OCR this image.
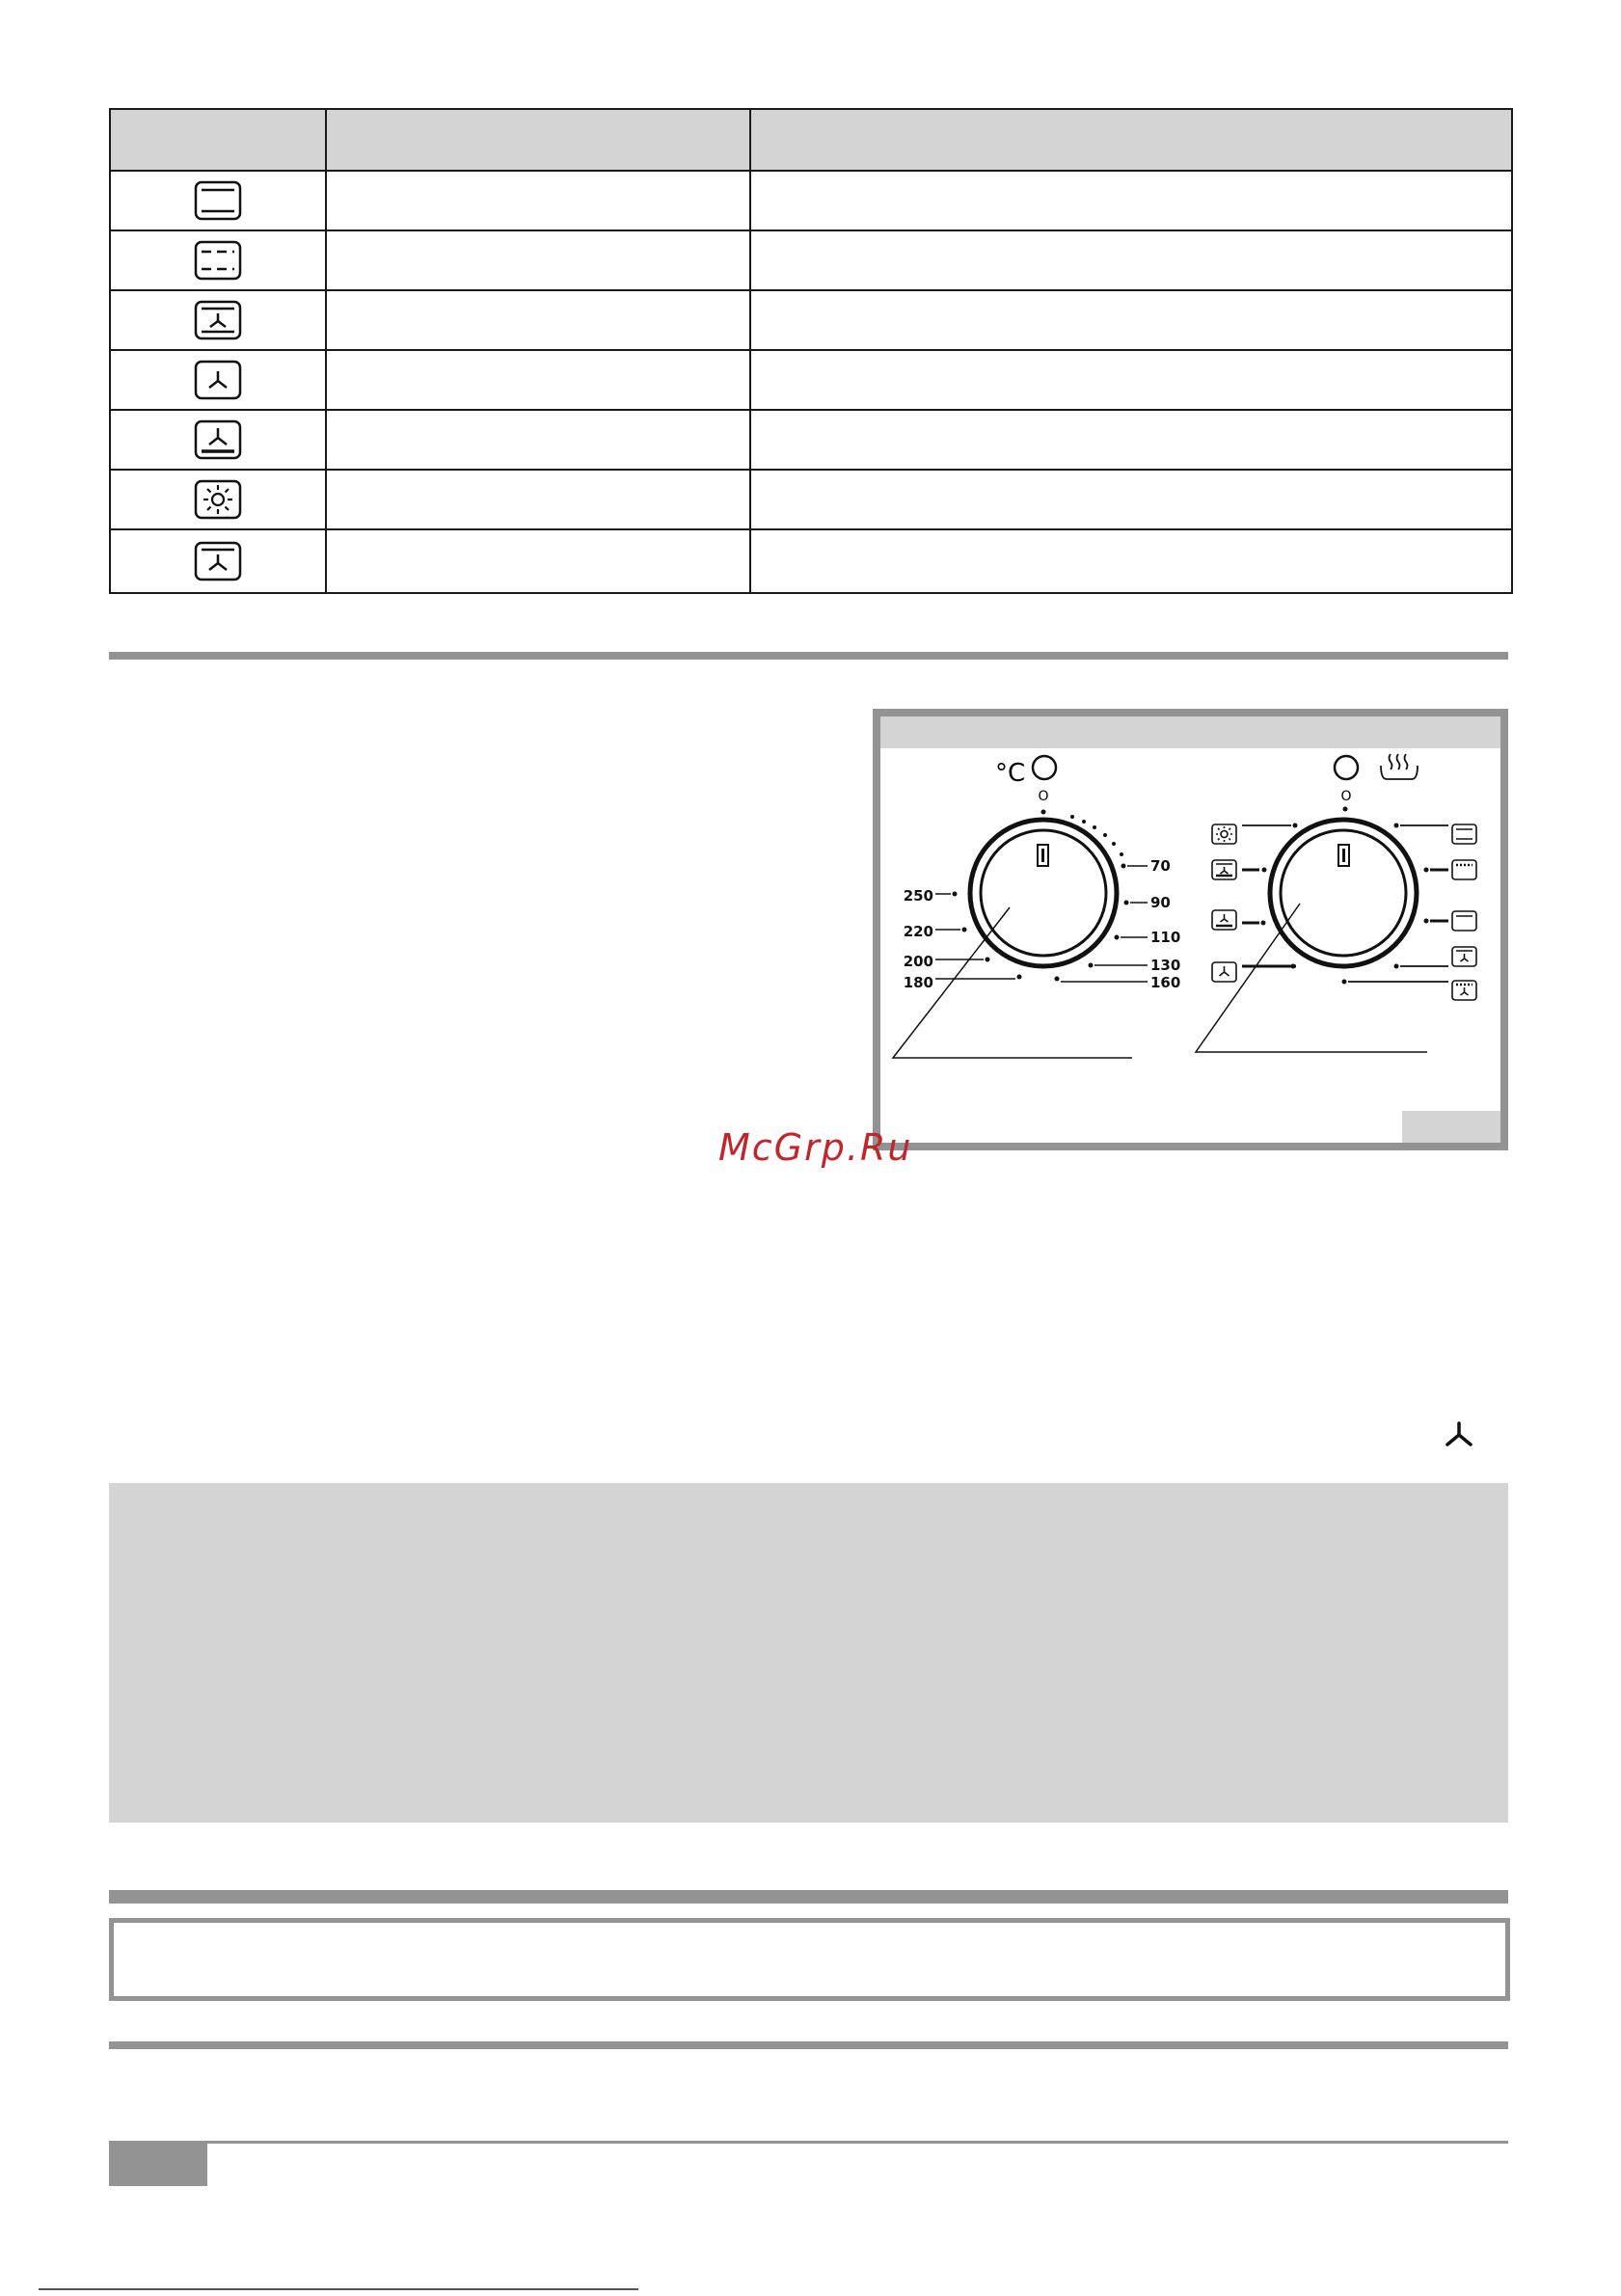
O
°C
70
90
110
130
160
180
200
220
250
O
McGrp.Ru
